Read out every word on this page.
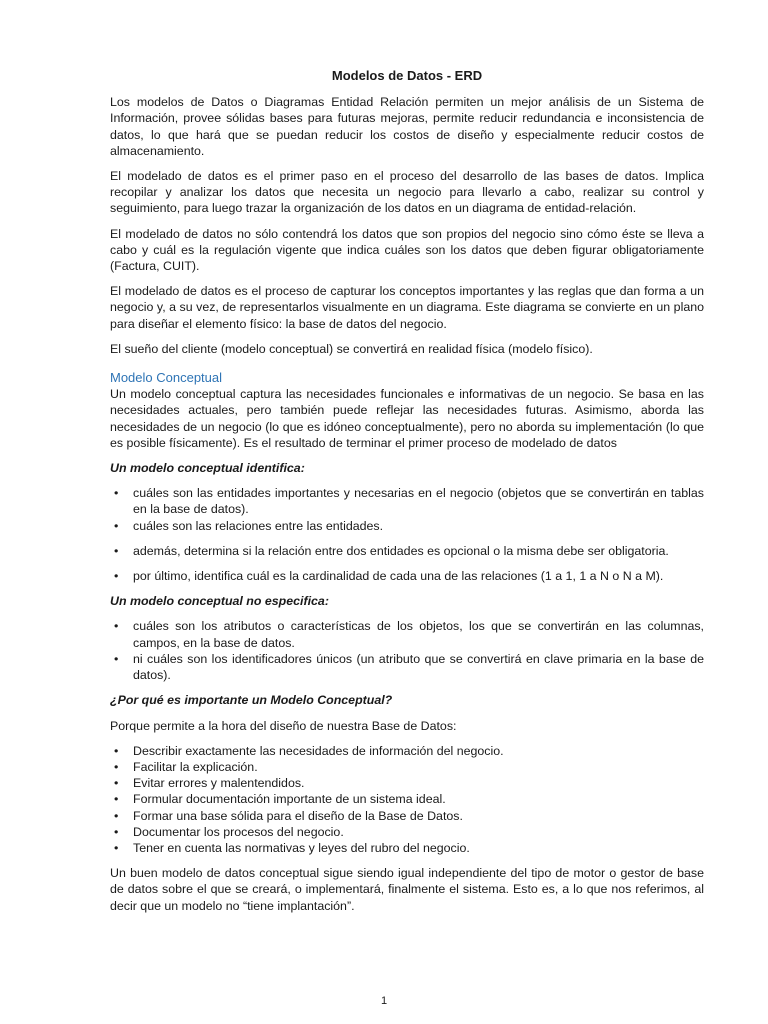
Modelos de Datos - ERD

Los modelos de Datos o Diagramas Entidad Relación permiten un mejor análisis de un Sistema de Información, provee sólidas bases para futuras mejoras, permite reducir redundancia e inconsistencia de datos, lo que hará que se puedan reducir los costos de diseño y especialmente reducir costos de almacenamiento.

El modelado de datos es el primer paso en el proceso del desarrollo de las bases de datos. Implica recopilar y analizar los datos que necesita un negocio para llevarlo a cabo, realizar su control y seguimiento, para luego trazar la organización de los datos en un diagrama de entidad-relación.

El modelado de datos no sólo contendrá los datos que son propios del negocio sino cómo éste se lleva a cabo y cuál es la regulación vigente que indica cuáles son los datos que deben figurar obligatoriamente (Factura, CUIT).

El modelado de datos es el proceso de capturar los conceptos importantes y las reglas que dan forma a un negocio y, a su vez, de representarlos visualmente en un diagrama. Este diagrama se convierte en un plano para diseñar el elemento físico: la base de datos del negocio.

El sueño del cliente (modelo conceptual) se convertirá en realidad física (modelo físico).

Modelo Conceptual

Un modelo conceptual captura las necesidades funcionales e informativas de un negocio. Se basa en las necesidades actuales, pero también puede reflejar las necesidades futuras. Asimismo, aborda las necesidades de un negocio (lo que es idóneo conceptualmente), pero no aborda su implementación (lo que es posible físicamente). Es el resultado de terminar el primer proceso de modelado de datos

Un modelo conceptual identifica:
• cuáles son las entidades importantes y necesarias en el negocio (objetos que se convertirán en tablas en la base de datos).
• cuáles son las relaciones entre las entidades.
• además, determina si la relación entre dos entidades es opcional o la misma debe ser obligatoria.
• por último, identifica cuál es la cardinalidad de cada una de las relaciones (1 a 1, 1 a N o N a M).
Un modelo conceptual no especifica:
• cuáles son los atributos o características de los objetos, los que se convertirán en las columnas, campos, en la base de datos.
• ni cuáles son los identificadores únicos (un atributo que se convertirá en clave primaria en la base de datos).
¿Por qué es importante un Modelo Conceptual?

Porque permite a la hora del diseño de nuestra Base de Datos:

• Describir exactamente las necesidades de información del negocio.
• Facilitar la explicación.
• Evitar errores y malentendidos.
• Formular documentación importante de un sistema ideal.
• Formar una base sólida para el diseño de la Base de Datos.
• Documentar los procesos del negocio.
• Tener en cuenta las normativas y leyes del rubro del negocio.

Un buen modelo de datos conceptual sigue siendo igual independiente del tipo de motor o gestor de base de datos sobre el que se creará, o implementará, finalmente el sistema. Esto es, a lo que nos referimos, al decir que un modelo no “tiene implantación”.

1
